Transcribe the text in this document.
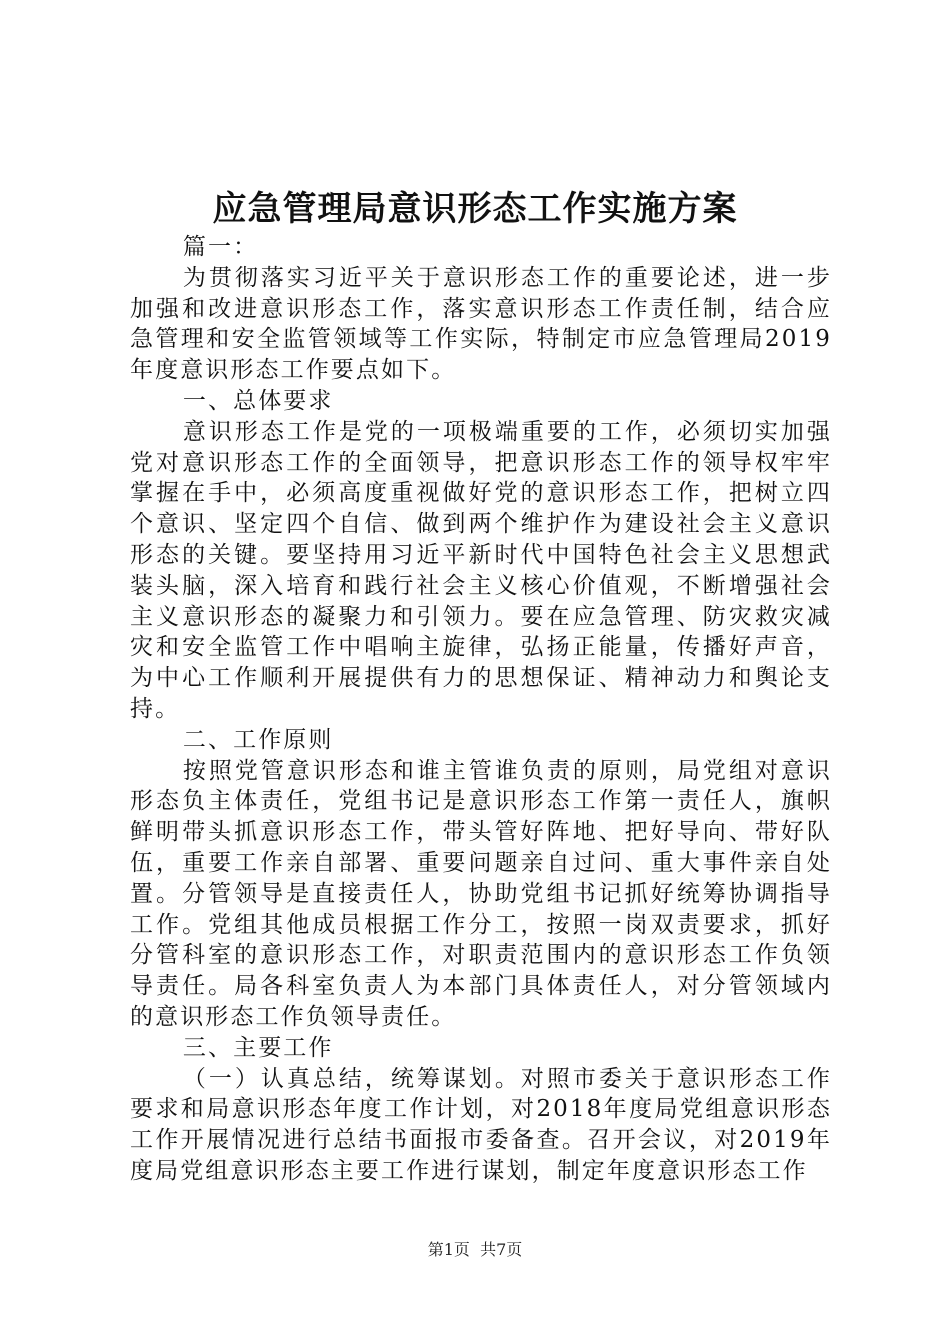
应急管理局意识形态工作实施方案

篇一：

为贯彻落实习近平关于意识形态工作的重要论述，进一步加强和改进意识形态工作，落实意识形态工作责任制，结合应急管理和安全监管领域等工作实际，特制定市应急管理局2019年度意识形态工作要点如下。

一、总体要求

意识形态工作是党的一项极端重要的工作，必须切实加强党对意识形态工作的全面领导，把意识形态工作的领导权牢牢掌握在手中，必须高度重视做好党的意识形态工作，把树立四个意识、坚定四个自信、做到两个维护作为建设社会主义意识形态的关键。要坚持用习近平新时代中国特色社会主义思想武装头脑，深入培育和践行社会主义核心价值观，不断增强社会主义意识形态的凝聚力和引领力。要在应急管理、防灾救灾减灾和安全监管工作中唱响主旋律，弘扬正能量，传播好声音，为中心工作顺利开展提供有力的思想保证、精神动力和舆论支持。

二、工作原则

按照党管意识形态和谁主管谁负责的原则，局党组对意识形态负主体责任，党组书记是意识形态工作第一责任人，旗帜鲜明带头抓意识形态工作，带头管好阵地、把好导向、带好队伍，重要工作亲自部署、重要问题亲自过问、重大事件亲自处置。分管领导是直接责任人，协助党组书记抓好统筹协调指导工作。党组其他成员根据工作分工，按照一岗双责要求，抓好分管科室的意识形态工作，对职责范围内的意识形态工作负领导责任。局各科室负责人为本部门具体责任人，对分管领域内的意识形态工作负领导责任。

三、主要工作

（一）认真总结，统筹谋划。对照市委关于意识形态工作要求和局意识形态年度工作计划，对2018年度局党组意识形态工作开展情况进行总结书面报市委备查。召开会议，对2019年度局党组意识形态主要工作进行谋划，制定年度意识形态工作

第1页 共7页
